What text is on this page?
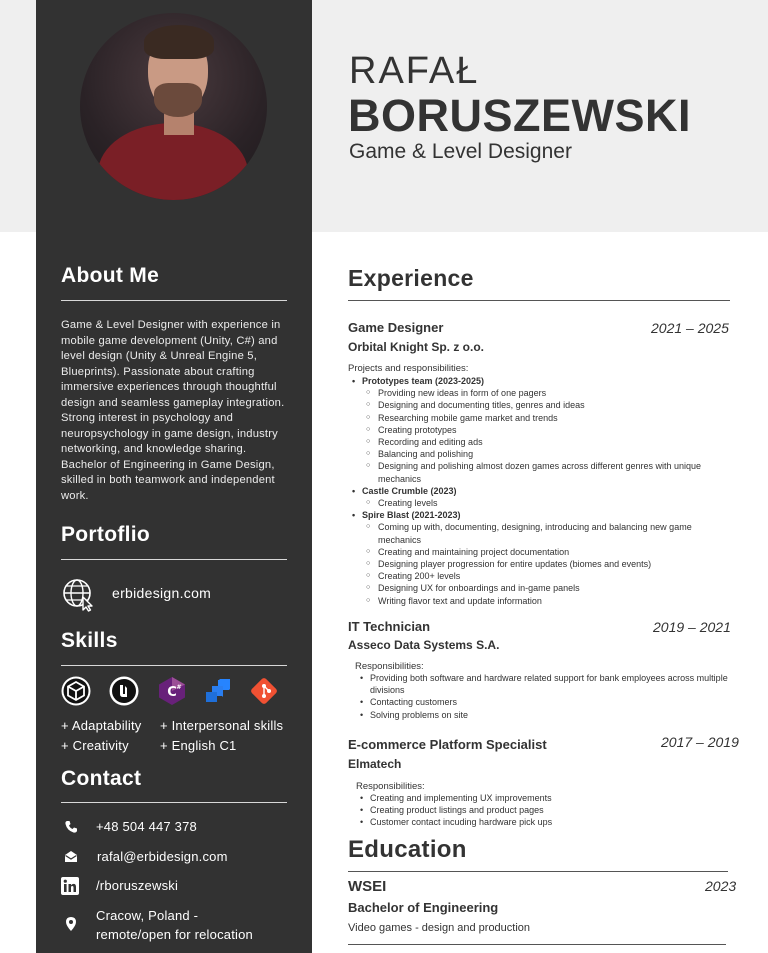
RAFAŁ
BORUSZEWSKI
Game & Level Designer
About Me
Game & Level Designer with experience in mobile game development (Unity, C#) and level design (Unity & Unreal Engine 5, Blueprints). Passionate about crafting immersive experiences through thoughtful design and seamless gameplay integration. Strong interest in psychology and neuropsychology in game design, industry networking, and knowledge sharing. Bachelor of Engineering in Game Design, skilled in both teamwork and independent work.
Portoflio
erbidesign.com
Skills
C #
+ Adaptability + Interpersonal skills
+ Creativity + English C1
Contact
+48 504 447 378
rafal@erbidesign.com
/rboruszewski
Cracow, Poland -
remote/open for relocation
Experience
Game Designer	2021 – 2025
Orbital Knight Sp. z o.o.
Projects and responsibilities:
• Prototypes team (2023-2025)
○ Providing new ideas in form of one pagers
○ Designing and documenting titles, genres and ideas
○ Researching mobile game market and trends
○ Creating prototypes
○ Recording and editing ads
○ Balancing and polishing
○ Designing and polishing almost dozen games across different genres with unique mechanics
• Castle Crumble (2023)
○ Creating levels
• Spire Blast (2021-2023)
○ Coming up with, documenting, designing, introducing and balancing new game mechanics
○ Creating and maintaining project documentation
○ Designing player progression for entire updates (biomes and events)
○ Creating 200+ levels
○ Designing UX for onboardings and in-game panels
○ Writing flavor text and update information
IT Technician	2019 – 2021
Asseco Data Systems S.A.
Responsibilities:
• Providing both software and hardware related support for bank employees across multiple divisions
• Contacting customers
• Solving problems on site
E-commerce Platform Specialist	2017 – 2019
Elmatech
Responsibilities:
• Creating and implementing UX improvements
• Creating product listings and product pages
• Customer contact incuding hardware pick ups
Education
WSEI	2023
Bachelor of Engineering
Video games - design and production
